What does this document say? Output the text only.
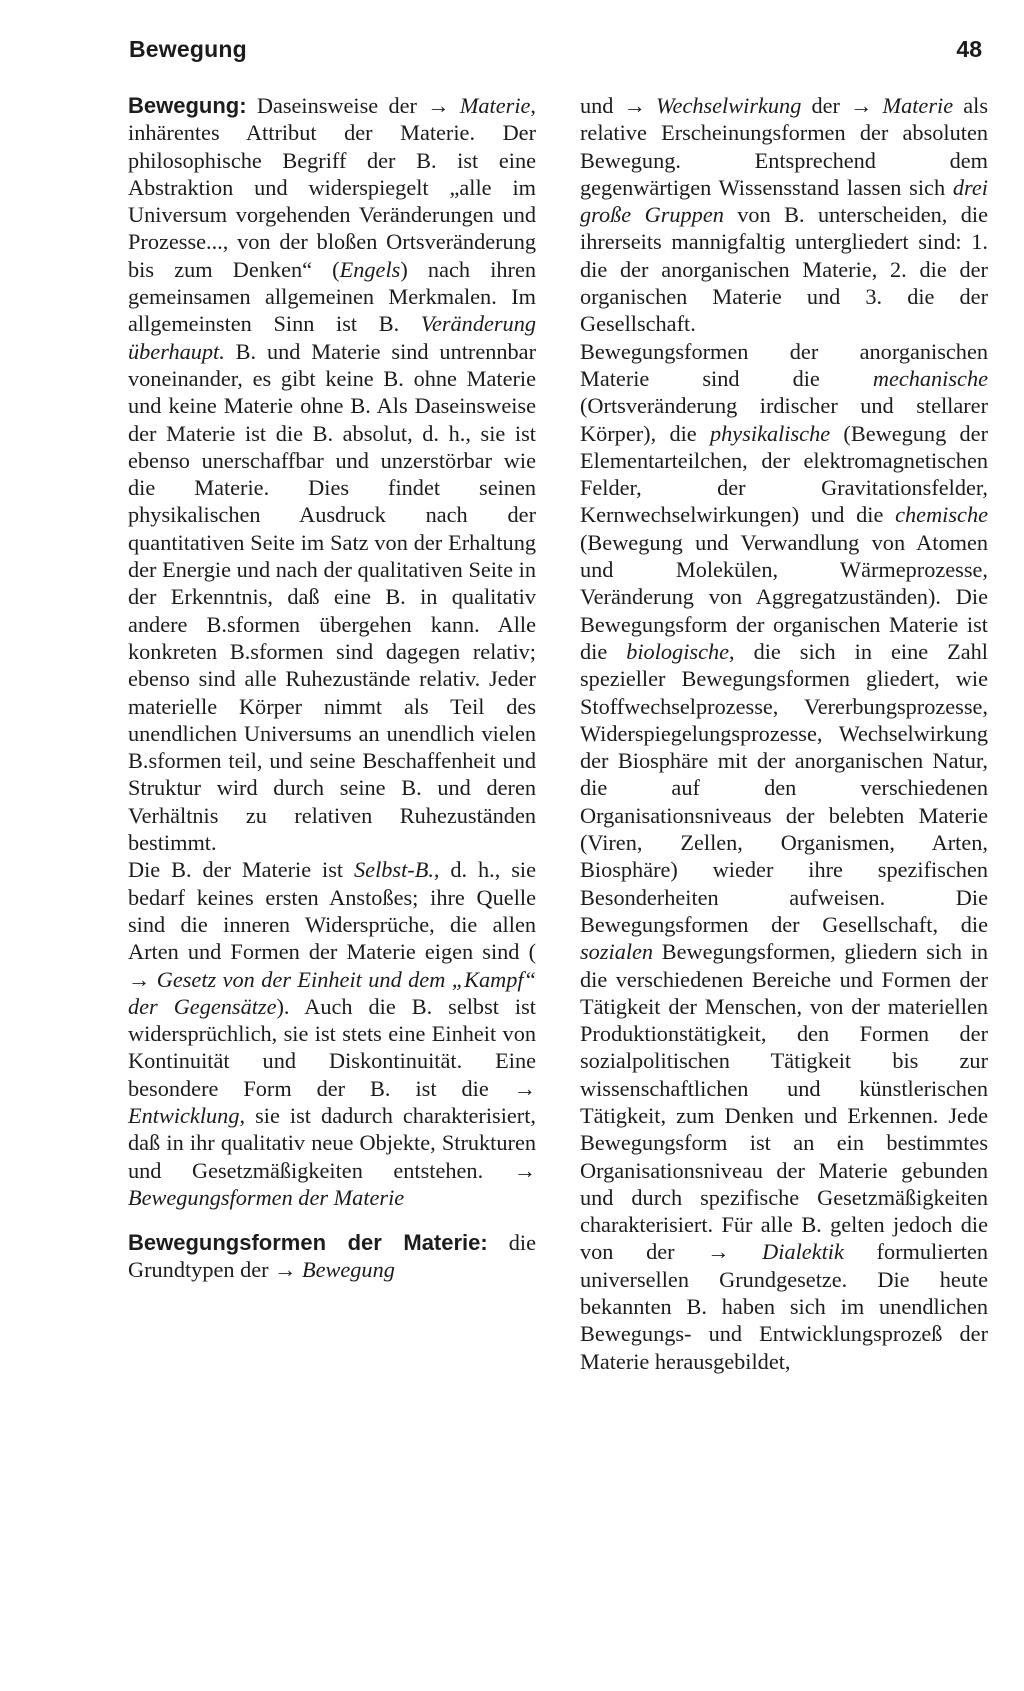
Bewegung	48

Bewegung: Daseinsweise der → Materie, inhärentes Attribut der Materie. Der philosophische Begriff der B. ist eine Abstraktion und widerspiegelt „alle im Universum vorgehenden Veränderungen und Prozesse..., von der bloßen Ortsveränderung bis zum Denken“ (Engels) nach ihren gemeinsamen allgemeinen Merkmalen. Im allgemeinsten Sinn ist B. Veränderung überhaupt. B. und Materie sind untrennbar voneinander, es gibt keine B. ohne Materie und keine Materie ohne B. Als Daseinsweise der Materie ist die B. absolut, d. h., sie ist ebenso unerschaffbar und unzerstörbar wie die Materie. Dies findet seinen physikalischen Ausdruck nach der quantitativen Seite im Satz von der Erhaltung der Energie und nach der qualitativen Seite in der Erkenntnis, daß eine B. in qualitativ andere B.sformen übergehen kann. Alle konkreten B.sformen sind dagegen relativ; ebenso sind alle Ruhezustände relativ. Jeder materielle Körper nimmt als Teil des unendlichen Universums an unendlich vielen B.sformen teil, und seine Beschaffenheit und Struktur wird durch seine B. und deren Verhältnis zu relativen Ruhezuständen bestimmt.

Die B. der Materie ist Selbst-B., d. h., sie bedarf keines ersten Anstoßes; ihre Quelle sind die inneren Widersprüche, die allen Arten und Formen der Materie eigen sind ( → Gesetz von der Einheit und dem „Kampf“ der Gegensätze). Auch die B. selbst ist widersprüchlich, sie ist stets eine Einheit von Kontinuität und Diskontinuität. Eine besondere Form der B. ist die → Entwicklung, sie ist dadurch charakterisiert, daß in ihr qualitativ neue Objekte, Strukturen und Gesetzmäßigkeiten entstehen. → Bewegungsformen der Materie

Bewegungsformen der Materie: die Grundtypen der → Bewegung

und → Wechselwirkung der → Materie als relative Erscheinungsformen der absoluten Bewegung. Entsprechend dem gegenwärtigen Wissensstand lassen sich drei große Gruppen von B. unterscheiden, die ihrerseits mannigfaltig untergliedert sind: 1. die der anorganischen Materie, 2. die der organischen Materie und 3. die der Gesellschaft.

Bewegungsformen der anorganischen Materie sind die mechanische (Ortsveränderung irdischer und stellarer Körper), die physikalische (Bewegung der Elementarteilchen, der elektromagnetischen Felder, der Gravitationsfelder, Kernwechselwirkungen) und die chemische (Bewegung und Verwandlung von Atomen und Molekülen, Wärmeprozesse, Veränderung von Aggregatzuständen). Die Bewegungsform der organischen Materie ist die biologische, die sich in eine Zahl spezieller Bewegungsformen gliedert, wie Stoffwechselprozesse, Vererbungsprozesse, Widerspiegelungsprozesse, Wechselwirkung der Biosphäre mit der anorganischen Natur, die auf den verschiedenen Organisationsniveaus der belebten Materie (Viren, Zellen, Organismen, Arten, Biosphäre) wieder ihre spezifischen Besonderheiten aufweisen. Die Bewegungsformen der Gesellschaft, die sozialen Bewegungsformen, gliedern sich in die verschiedenen Bereiche und Formen der Tätigkeit der Menschen, von der materiellen Produktionstätigkeit, den Formen der sozialpolitischen Tätigkeit bis zur wissenschaftlichen und künstlerischen Tätigkeit, zum Denken und Erkennen. Jede Bewegungsform ist an ein bestimmtes Organisationsniveau der Materie gebunden und durch spezifische Gesetzmäßigkeiten charakterisiert. Für alle B. gelten jedoch die von der → Dialektik formulierten universellen Grundgesetze. Die heute bekannten B. haben sich im unendlichen Bewegungs- und Entwicklungsprozeß der Materie herausgebildet,
